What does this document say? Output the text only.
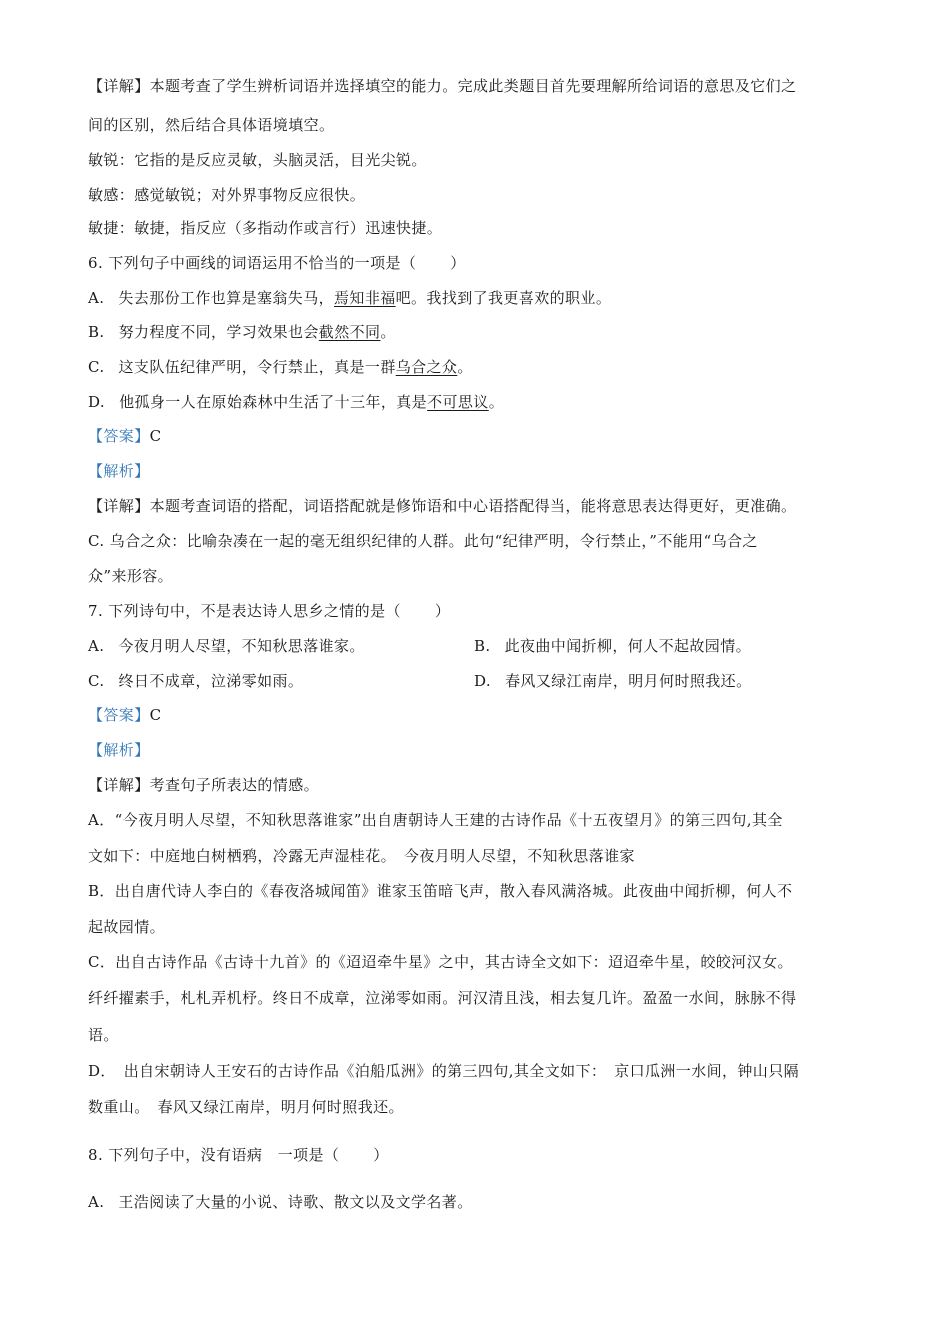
【详解】本题考查了学生辨析词语并选择填空的能力。完成此类题目首先要理解所给词语的意思及它们之
间的区别，然后结合具体语境填空。
敏锐：它指的是反应灵敏，头脑灵活，目光尖锐。
敏感：感觉敏锐；对外界事物反应很快。
敏捷：敏捷，指反应（多指动作或言行）迅速快捷。
6. 下列句子中画线的词语运用不恰当的一项是（ ）
A. 失去那份工作也算是塞翁失马，焉知非福吧。我找到了我更喜欢的职业。
B. 努力程度不同，学习效果也会截然不同。
C. 这支队伍纪律严明，令行禁止，真是一群乌合之众。
D. 他孤身一人在原始森林中生活了十三年，真是不可思议。
【答案】C
【解析】
【详解】本题考查词语的搭配，词语搭配就是修饰语和中心语搭配得当，能将意思表达得更好，更准确。
C. 乌合之众：比喻杂凑在一起的毫无组织纪律的人群。此句“纪律严明，令行禁止，”不能用“乌合之
众”来形容。
7. 下列诗句中，不是表达诗人思乡之情的是（ ）
A. 今夜月明人尽望，不知秋思落谁家。	B. 此夜曲中闻折柳，何人不起故园情。
C. 终日不成章，泣涕零如雨。	D. 春风又绿江南岸，明月何时照我还。
【答案】C
【解析】
【详解】考查句子所表达的情感。
A．“今夜月明人尽望，不知秋思落谁家”出自唐朝诗人王建的古诗作品《十五夜望月》的第三四句,其全
文如下：中庭地白树栖鸦，冷露无声湿桂花。　今夜月明人尽望，不知秋思落谁家
B．出自唐代诗人李白的《春夜洛城闻笛》谁家玉笛暗飞声，散入春风满洛城。此夜曲中闻折柳，何人不
起故园情。
C．出自古诗作品《古诗十九首》的《迢迢牵牛星》之中，其古诗全文如下：迢迢牵牛星，皎皎河汉女。
纤纤擢素手，札札弄机杼。终日不成章，泣涕零如雨。河汉清且浅，相去复几许。盈盈一水间，脉脉不得
语。
D．　出自宋朝诗人王安石的古诗作品《泊船瓜洲》的第三四句,其全文如下：　京口瓜洲一水间，钟山只隔
数重山。　春风又绿江南岸，明月何时照我还。
8. 下列句子中，没有语病　一项是（ ）
A. 王浩阅读了大量的小说、诗歌、散文以及文学名著。
